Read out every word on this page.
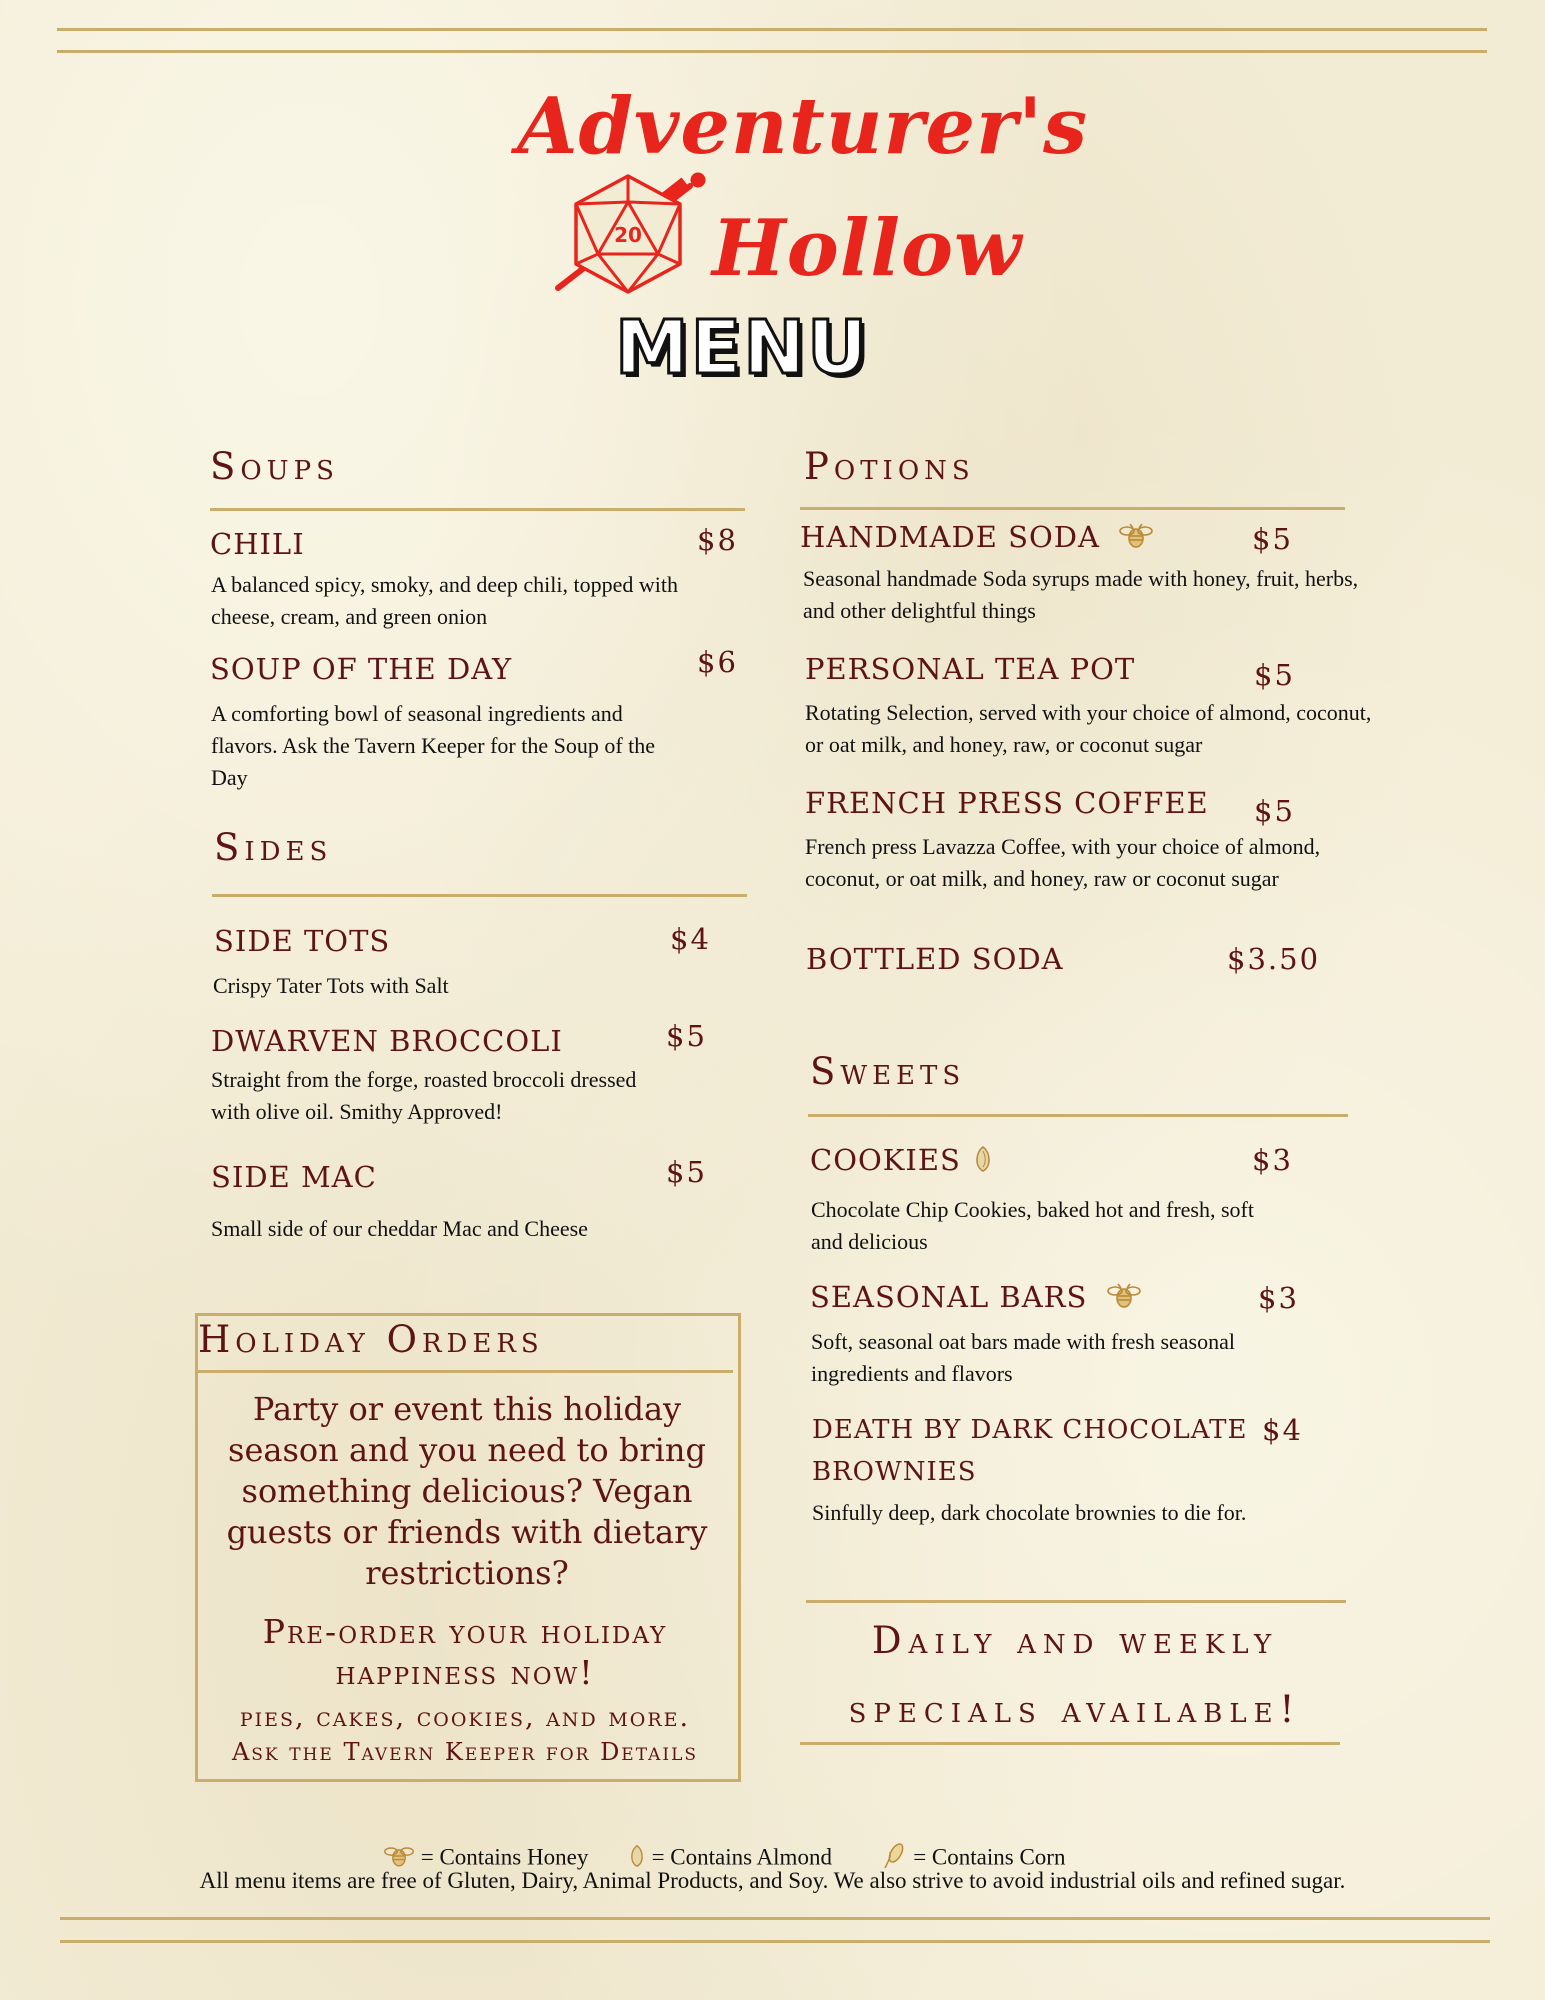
Adventurer's
Hollow
20
MENU
Soups
CHILI	$8
A balanced spicy, smoky, and deep chili, topped with cheese, cream, and green onion
SOUP OF THE DAY	$6
A comforting bowl of seasonal ingredients and flavors. Ask the Tavern Keeper for the Soup of the Day
Sides
SIDE TOTS	$4
Crispy Tater Tots with Salt
DWARVEN BROCCOLI	$5
Straight from the forge, roasted broccoli dressed with olive oil. Smithy Approved!
SIDE MAC	$5
Small side of our cheddar Mac and Cheese
Holiday Orders
Party or event this holiday season and you need to bring something delicious? Vegan guests or friends with dietary restrictions?
Pre-order your holiday
happiness now!
pies, cakes, cookies, and more.
Ask the Tavern Keeper for Details
Potions
HANDMADE SODA	$5
Seasonal handmade Soda syrups made with honey, fruit, herbs, and other delightful things
PERSONAL TEA POT	$5
Rotating Selection, served with your choice of almond, coconut, or oat milk, and honey, raw, or coconut sugar
FRENCH PRESS COFFEE $5
French press Lavazza Coffee, with your choice of almond, coconut, or oat milk, and honey, raw or coconut sugar
BOTTLED SODA	$3.50
Sweets
COOKIES	$3
Chocolate Chip Cookies, baked hot and fresh, soft and delicious
SEASONAL BARS	$3
Soft, seasonal oat bars made with fresh seasonal ingredients and flavors
DEATH BY DARK CHOCOLATE
BROWNIES
$4
Sinfully deep, dark chocolate brownies to die for.
Daily and weekly
specials available!
= Contains Honey	= Contains Almond	= Contains Corn
All menu items are free of Gluten, Dairy, Animal Products, and Soy. We also strive to avoid industrial oils and refined sugar.
